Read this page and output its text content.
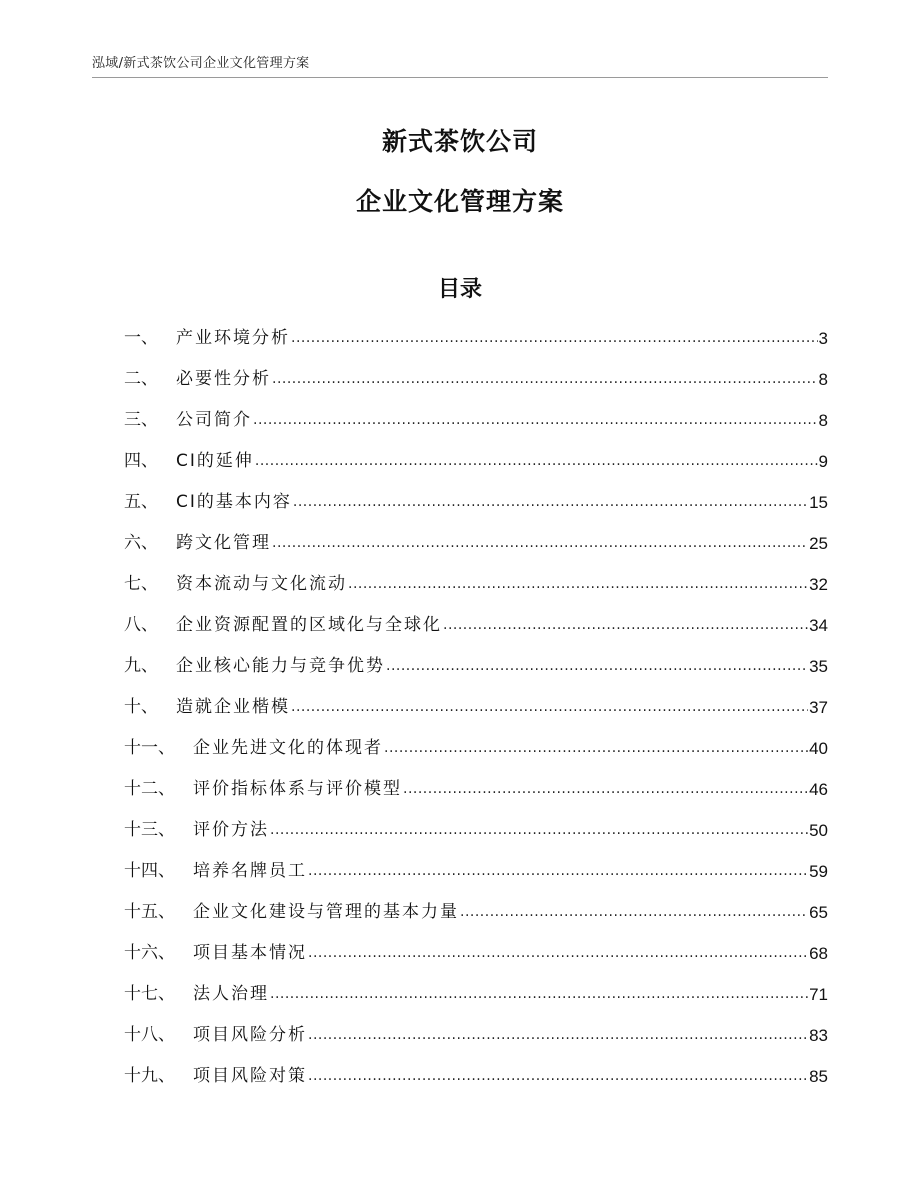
泓域/新式茶饮公司企业文化管理方案
新式茶饮公司
企业文化管理方案
目录
一 、 产业环境分析 .....	3
二 、 必要性分析 .....	8
三 、 公司简介 .....	8
四 、 CI的延伸 .....	9
五 、 CI的基本内容 .....	15
六 、 跨文化管理 .....	25
七 、 资本流动与文化流动 .....	32
八 、 企业资源配置的区域化与全球化 .....	34
九 、 企业核心能力与竞争优势 .....	35
十 、 造就企业楷模 .....	37
十一 、 企业先进文化的体现者 .....	40
十二 、 评价指标体系与评价模型 .....	46
十三 、 评价方法 .....	50
十四 、 培养名牌员工 .....	59
十五 、 企业文化建设与管理的基本力量 .....	65
十六 、 项目基本情况 .....	68
十七 、 法人治理 .....	71
十八 、 项目风险分析 .....	83
十九 、 项目风险对策 .....	85
